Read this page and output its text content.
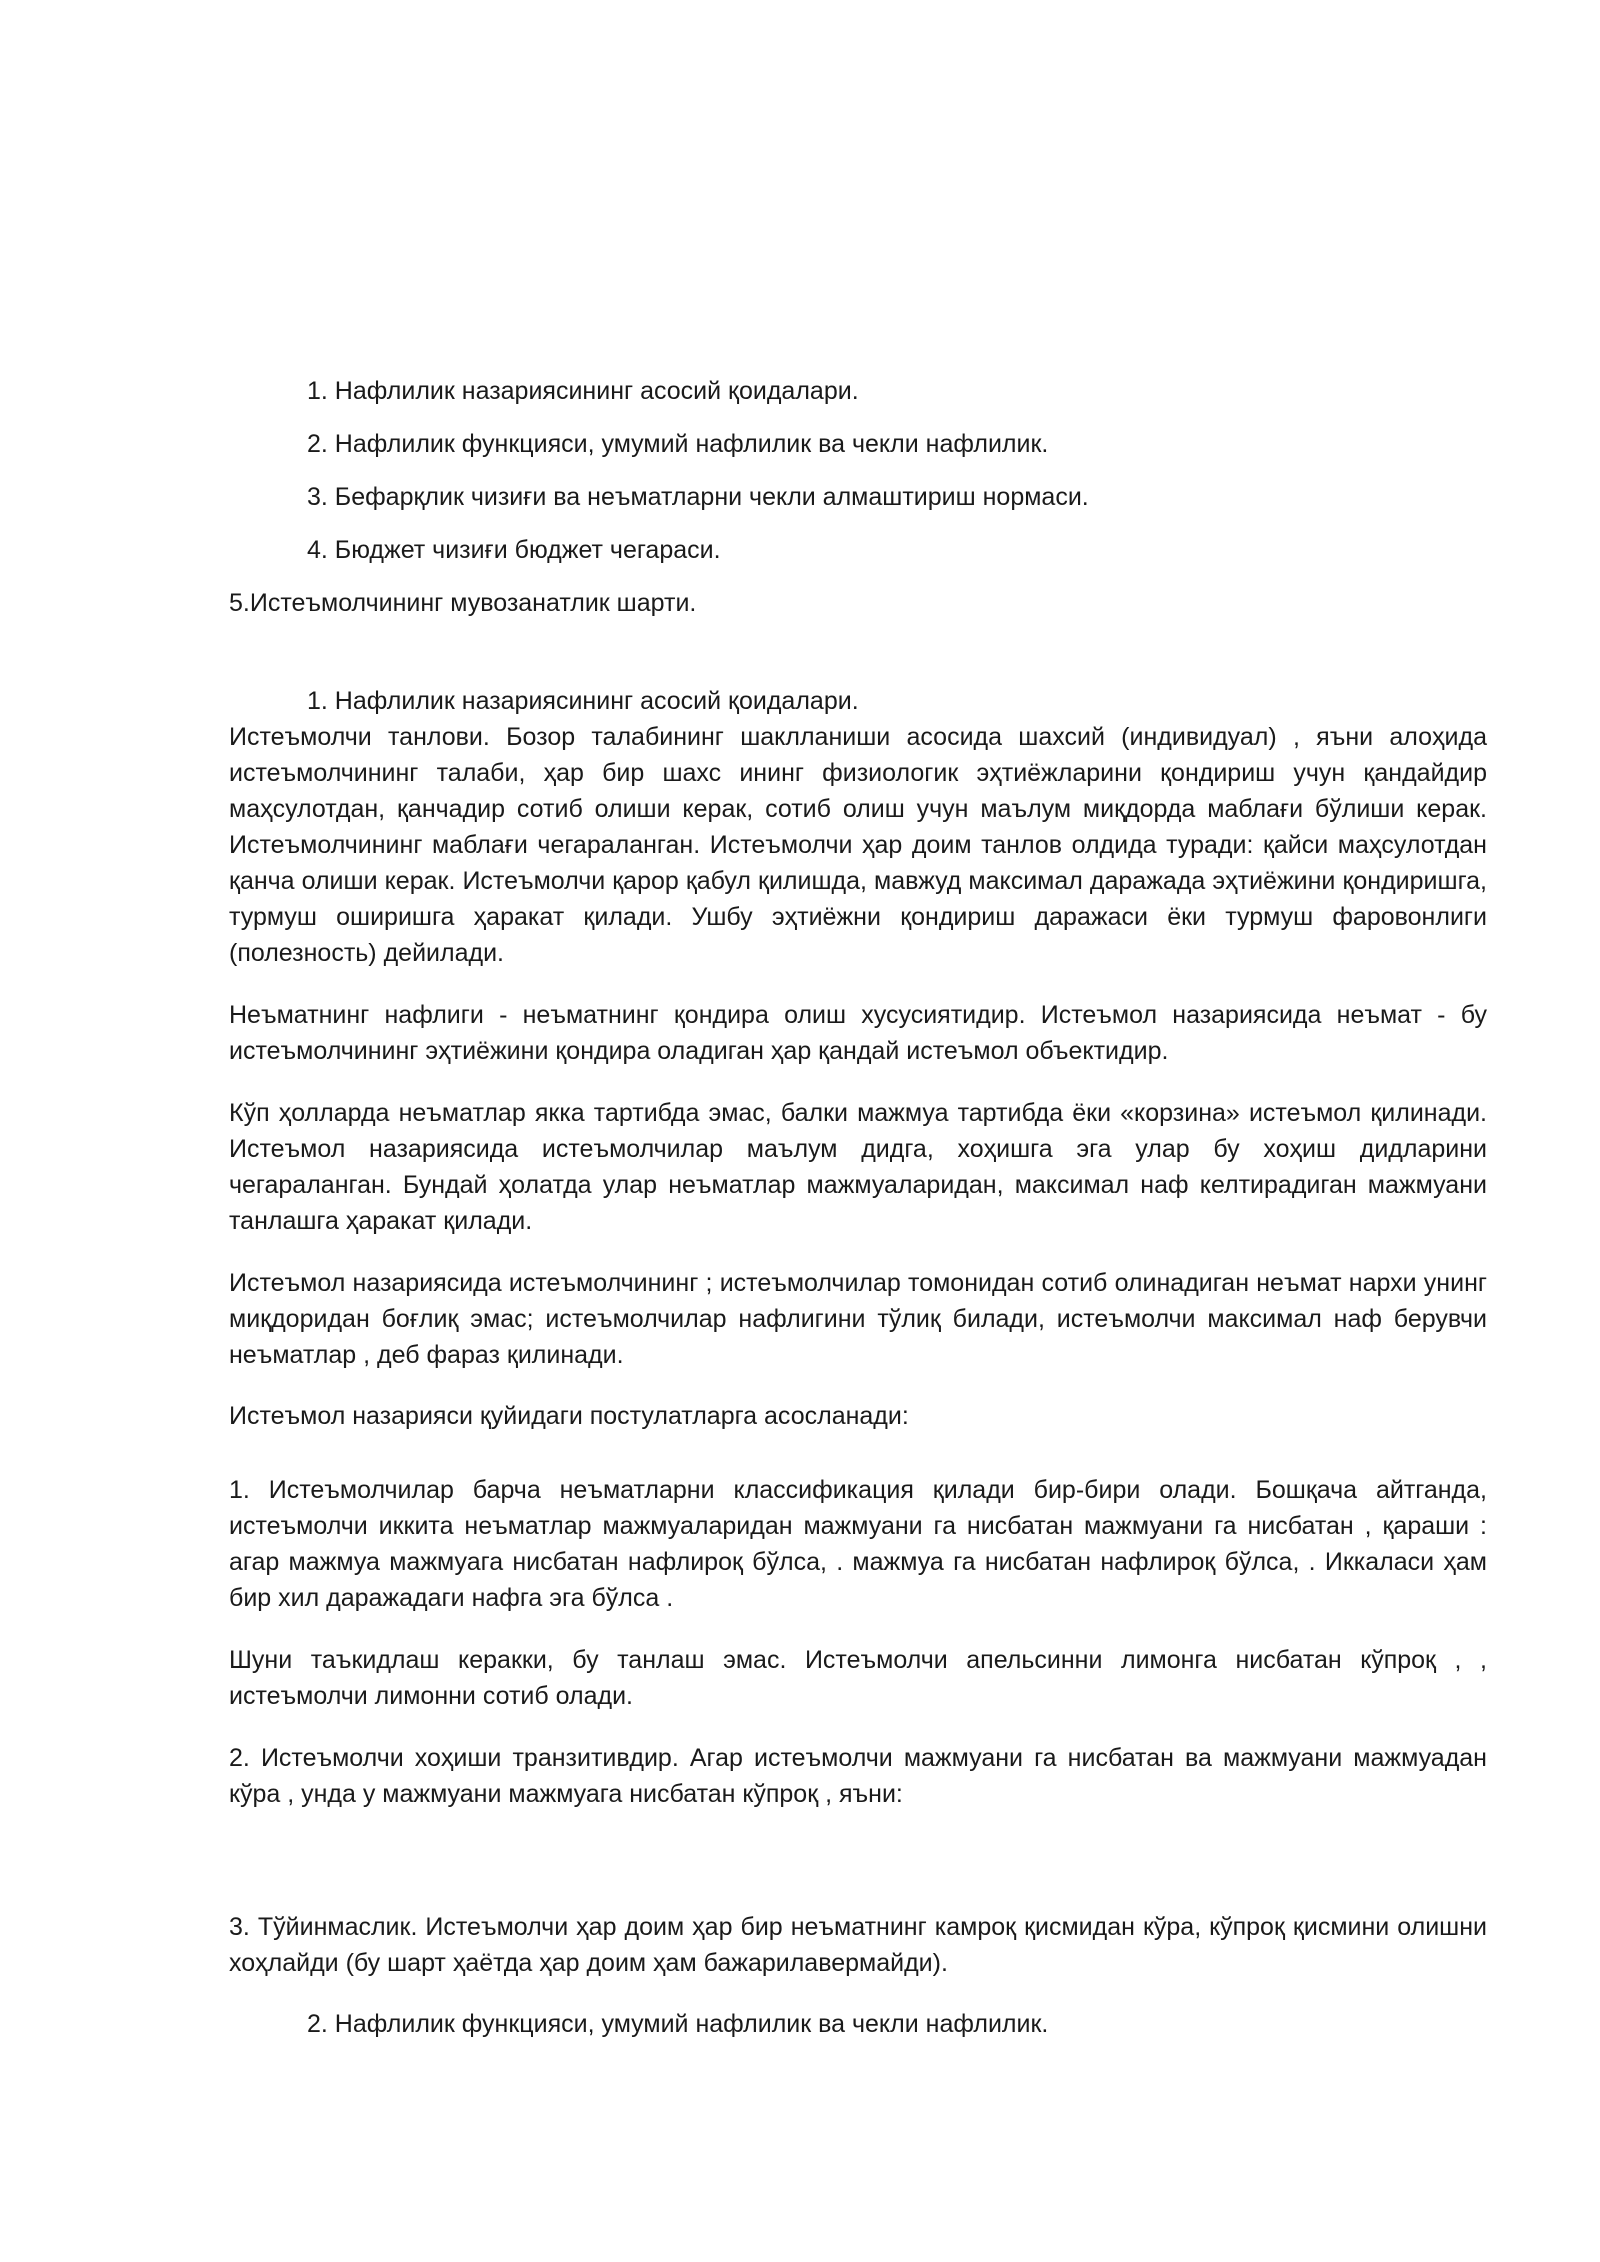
1. Нафлилик назариясининг асосий қоидалари.

2. Нафлилик функцияси, умумий нафлилик ва чекли нафлилик.

3. Бефарқлик чизиғи ва неъматларни чекли алмаштириш нормаси.

4. Бюджет чизиғи бюджет чегараси.

5.Истеъмолчининг мувозанатлик шарти.

1. Нафлилик назариясининг асосий қоидалари.

Истеъмолчи танлови. Бозор талабининг шаклланиши асосида шахсий (индивидуал) , яъни алоҳида истеъмолчининг талаби, ҳар бир шахс ининг физиологик эҳтиёжларини қондириш учун қандайдир маҳсулотдан, қанчадир сотиб олиши керак, сотиб олиш учун маълум миқдорда маблағи бўлиши керак. Истеъмолчининг маблағи чегараланган. Истеъмолчи ҳар доим танлов олдида туради: қайси маҳсулотдан қанча олиши керак. Истеъмолчи қарор қабул қилишда, мавжуд максимал даражада эҳтиёжини қондиришга, турмуш оширишга ҳаракат қилади. Ушбу эҳтиёжни қондириш даражаси ёки турмуш фаровонлиги (полезность) дейилади.

Неъматнинг нафлиги - неъматнинг қондира олиш хусусиятидир. Истеъмол назариясида неъмат - бу истеъмолчининг эҳтиёжини қондира оладиган ҳар қандай истеъмол объектидир.

Кўп ҳолларда неъматлар якка тартибда эмас, балки мажмуа тартибда ёки «корзина» истеъмол қилинади. Истеъмол назариясида истеъмолчилар маълум дидга, хоҳишга эга улар бу хоҳиш дидларини чегараланган. Бундай ҳолатда улар неъматлар мажмуаларидан, максимал наф келтирадиган мажмуани танлашга ҳаракат қилади.

Истеъмол назариясида истеъмолчининг ; истеъмолчилар томонидан сотиб олинадиган неъмат нархи унинг миқдоридан боғлиқ эмас; истеъмолчилар нафлигини тўлиқ билади, истеъмолчи максимал наф берувчи неъматлар , деб фараз қилинади.

Истеъмол назарияси қуйидаги постулатларга асосланади:

1. Истеъмолчилар барча неъматларни классификация қилади бир-бири олади. Бошқача айтганда, истеъмолчи иккита неъматлар мажмуаларидан мажмуани га нисбатан мажмуани га нисбатан , қараши : агар мажмуа мажмуага нисбатан нафлироқ бўлса, . мажмуа га нисбатан нафлироқ бўлса, . Иккаласи ҳам бир хил даражадаги нафга эга бўлса .

Шуни таъкидлаш керакки, бу танлаш эмас. Истеъмолчи апельсинни лимонга нисбатан кўпроқ , , истеъмолчи лимонни сотиб олади.

2. Истеъмолчи хоҳиши транзитивдир. Агар истеъмолчи мажмуани га нисбатан ва мажмуани мажмуадан кўра , унда у мажмуани мажмуага нисбатан кўпроқ , яъни:

3. Тўйинмаслик. Истеъмолчи ҳар доим ҳар бир неъматнинг камроқ қисмидан кўра, кўпроқ қисмини олишни хоҳлайди (бу шарт ҳаётда ҳар доим ҳам бажарилавермайди).

2. Нафлилик функцияси, умумий нафлилик ва чекли нафлилик.
